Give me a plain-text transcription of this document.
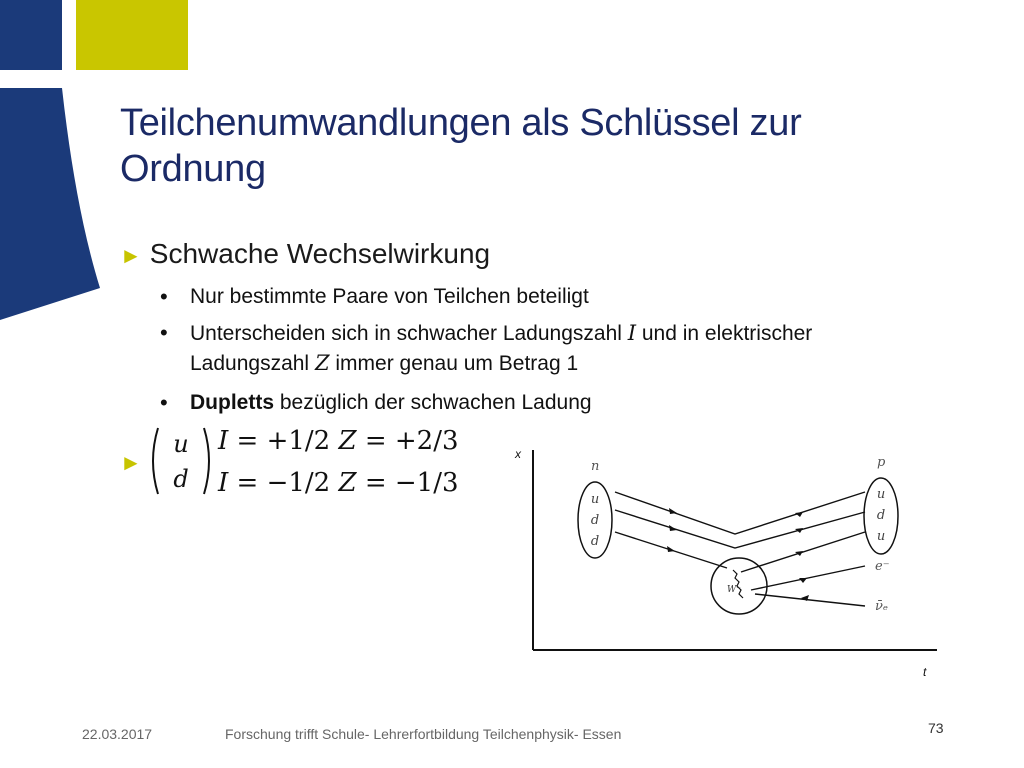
Teilchenumwandlungen als Schlüssel zur Ordnung
► Schwache Wechselwirkung
• Nur bestimmte Paare von Teilchen beteiligt
• Unterscheiden sich in schwacher Ladungszahl I und in elektrischer
Ladungszahl Z immer genau um Betrag 1
• Dupletts bezüglich der schwachen Ladung
►
u
d
I = +1/2 Z = +2/3
I = −1/2 Z = −1/3
x
t
n
u
d
d
p
u
d
u
W⁻
e⁻
ν̄ₑ
22.03.2017	Forschung trifft Schule- Lehrerfortbildung Teilchenphysik- Essen	73
